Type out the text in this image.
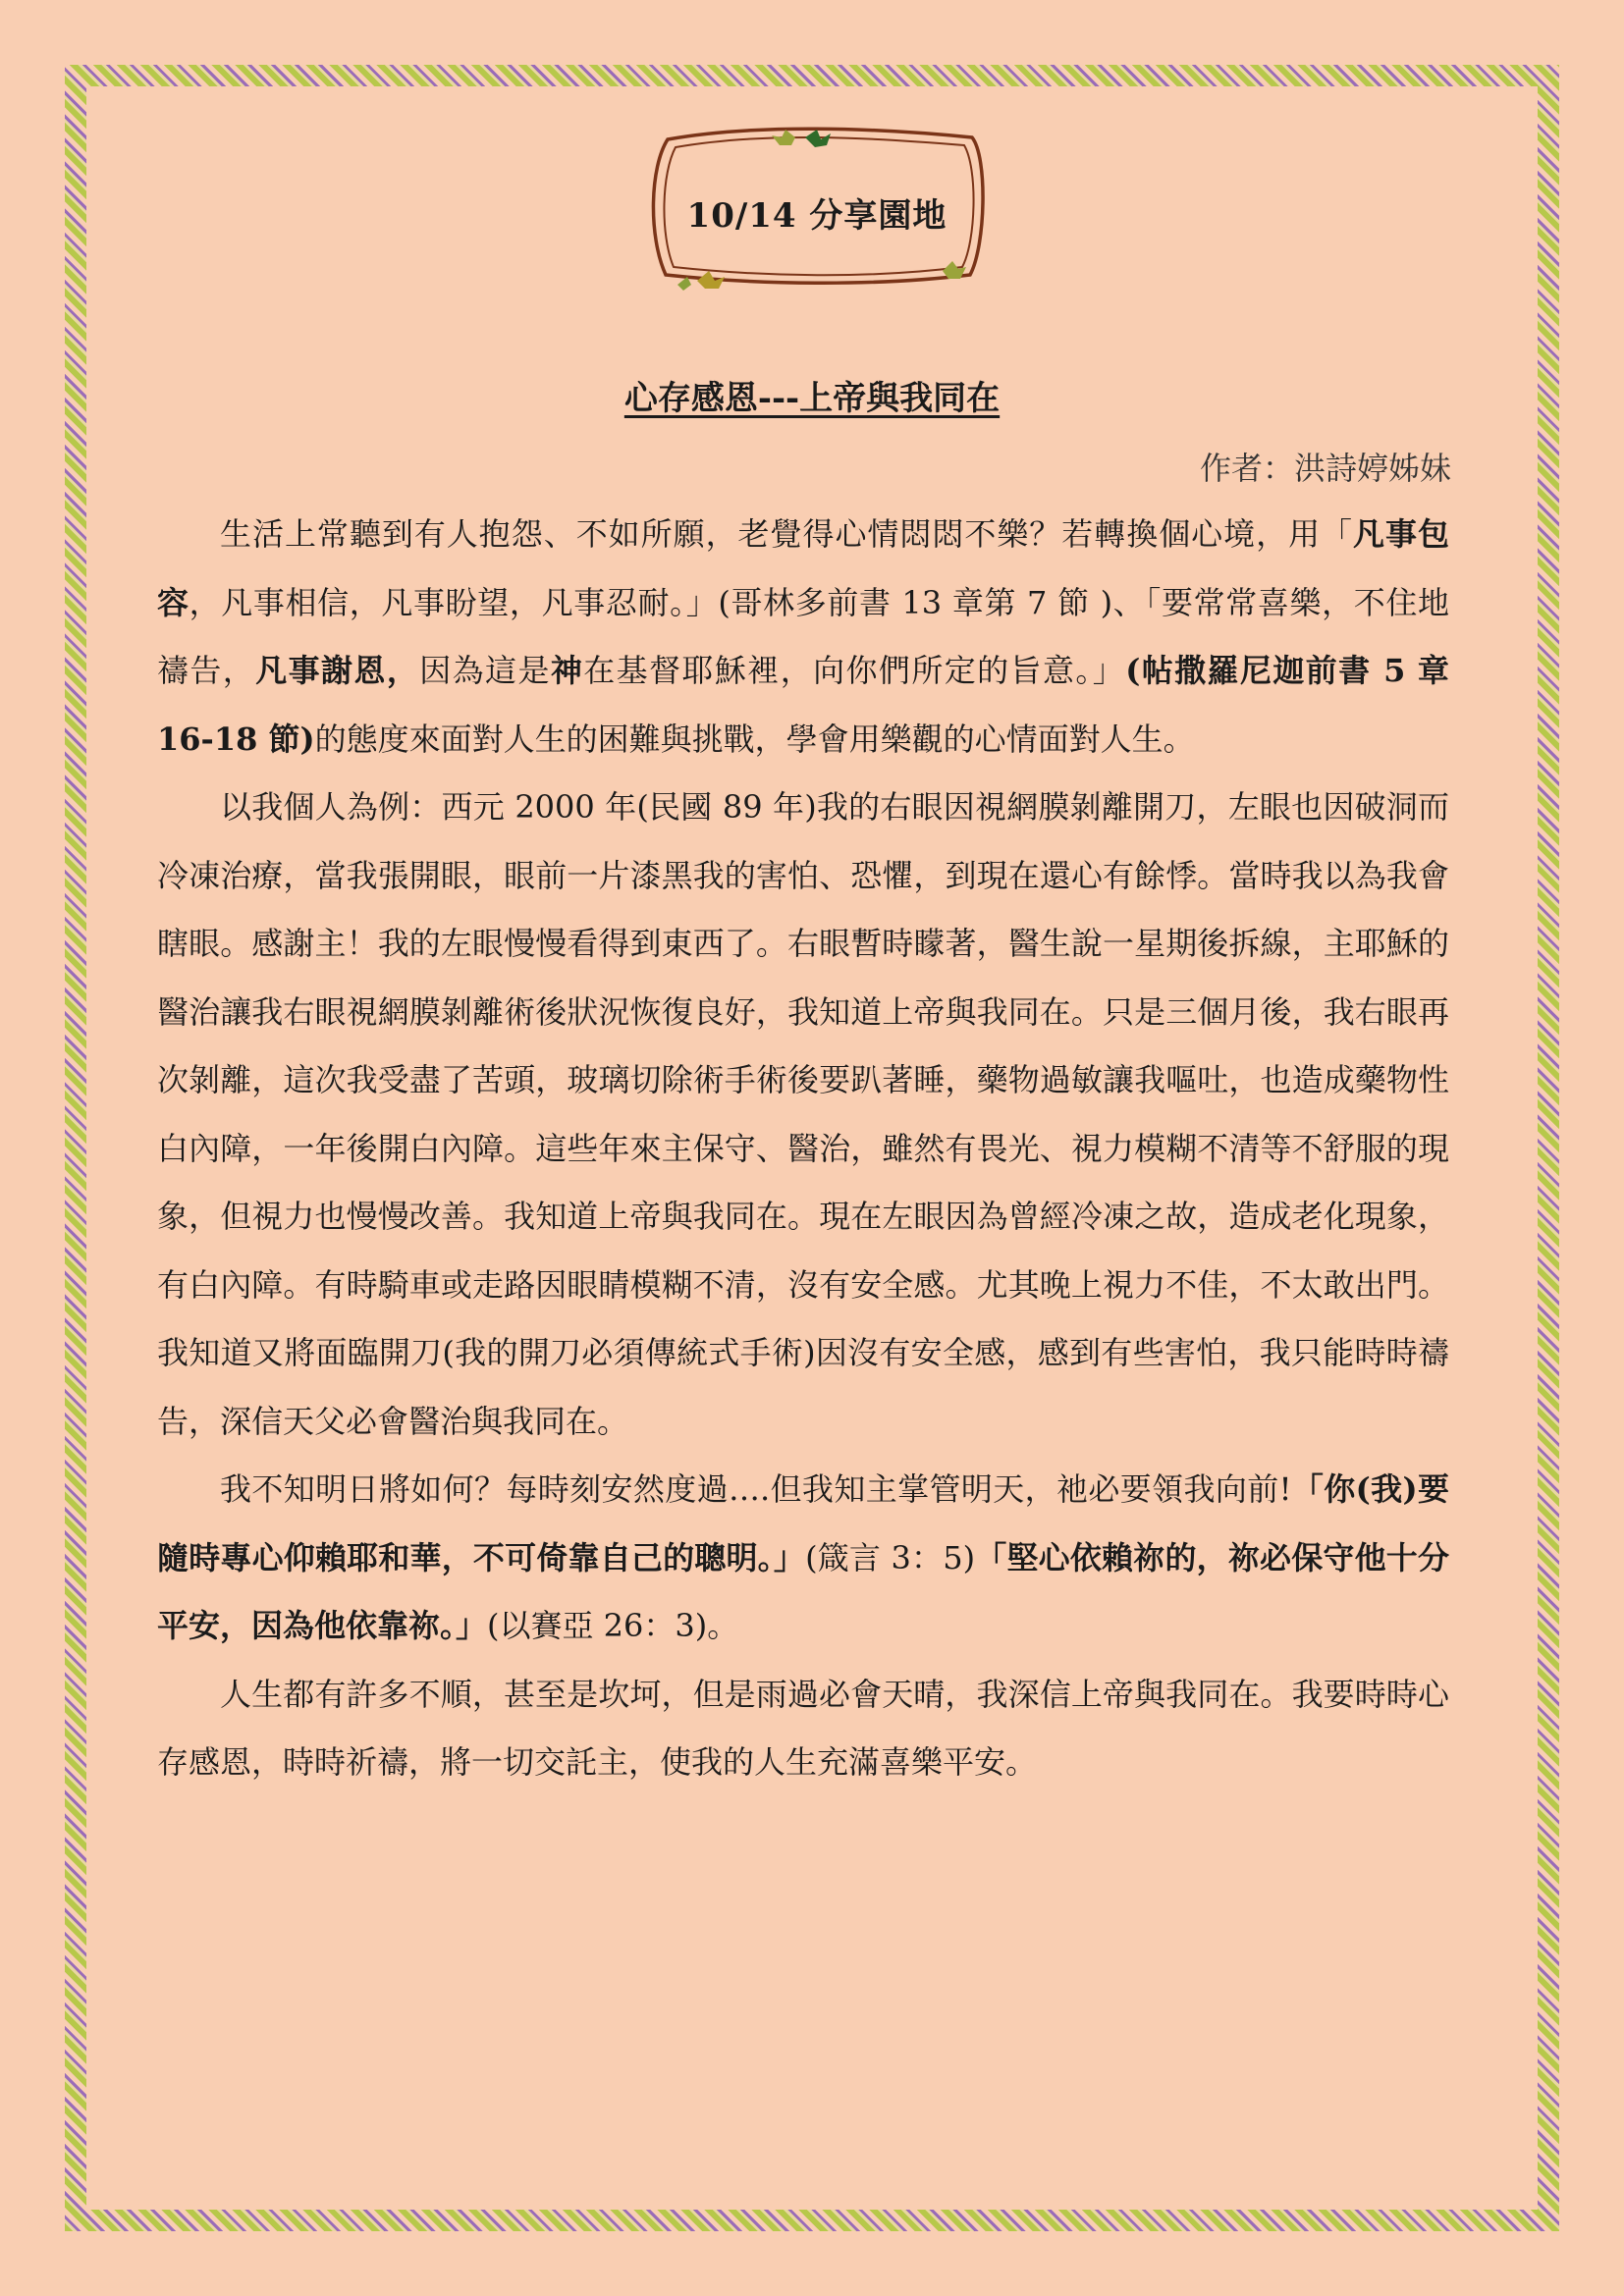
10/14 分享園地
心存感恩---上帝與我同在
作者：洪詩婷姊妹

生活上常聽到有人抱怨、不如所願，老覺得心情悶悶不樂？若轉換個心境，用「凡事包容，凡事相信，凡事盼望，凡事忍耐。」(哥林多前書 13 章第 7 節 )、「要常常喜樂，不住地禱告，凡事謝恩，因為這是神在基督耶穌裡，向你們所定的旨意。」(帖撒羅尼迦前書 5 章 16-18 節)的態度來面對人生的困難與挑戰，學會用樂觀的心情面對人生。

以我個人為例：西元 2000 年(民國 89 年)我的右眼因視網膜剝離開刀，左眼也因破洞而冷凍治療，當我張開眼，眼前一片漆黑我的害怕、恐懼，到現在還心有餘悸。當時我以為我會瞎眼。感謝主！我的左眼慢慢看得到東西了。右眼暫時矇著，醫生說一星期後拆線，主耶穌的醫治讓我右眼視網膜剝離術後狀況恢復良好，我知道上帝與我同在。只是三個月後，我右眼再次剝離，這次我受盡了苦頭，玻璃切除術手術後要趴著睡，藥物過敏讓我嘔吐，也造成藥物性白內障，一年後開白內障。這些年來主保守、醫治，雖然有畏光、視力模糊不清等不舒服的現象，但視力也慢慢改善。我知道上帝與我同在。現在左眼因為曾經冷凍之故，造成老化現象，有白內障。有時騎車或走路因眼睛模糊不清，沒有安全感。尤其晚上視力不佳，不太敢出門。我知道又將面臨開刀(我的開刀必須傳統式手術)因沒有安全感，感到有些害怕，我只能時時禱告，深信天父必會醫治與我同在。

我不知明日將如何？每時刻安然度過….但我知主掌管明天，祂必要領我向前!「你(我)要隨時專心仰賴耶和華，不可倚靠自己的聰明。」(箴言 3：5)「堅心依賴祢的，祢必保守他十分平安，因為他依靠祢。」(以賽亞 26：3)。

人生都有許多不順，甚至是坎坷，但是雨過必會天晴，我深信上帝與我同在。我要時時心存感恩，時時祈禱，將一切交託主，使我的人生充滿喜樂平安。
